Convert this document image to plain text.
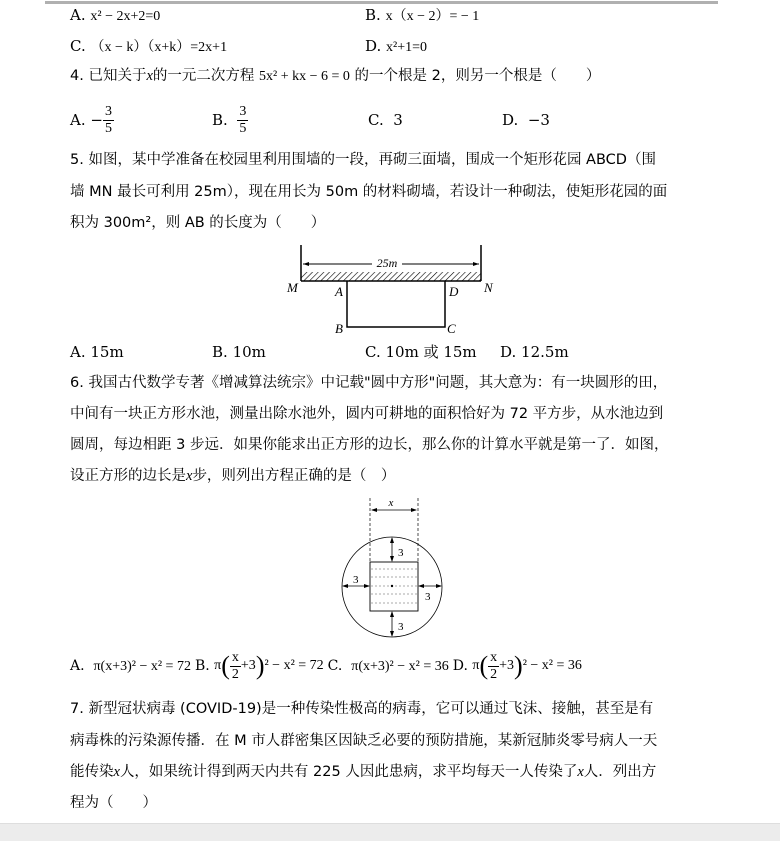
A. x² − 2x+2=0	B. x（x − 2）= − 1
C. （x − k）（x+k）=2x+1	D. x²+1=0
4. 已知关于x的一元二次方程 5x² + kx − 6 = 0 的一个根是 2，则另一个根是（　　）
A.
− $\frac{3}{5}$	B.
$\frac{3}{5}$	C. 3	D. −3
5. 如图，某中学准备在校园里利用围墙的一段，再砌三面墙，围成一个矩形花园 ABCD（围
墙 MN 最长可利用 25m），现在用长为 50m 的材料砌墙，若设计一种砌法，使矩形花园的面
积为 300m²，则 AB 的长度为（　　）
25m
M	N
A	D
B	C
A. 15m	B. 10m	C. 10m 或 15m D. 12.5m
6. 我国古代数学专著《增减算法统宗》中记载"圆中方形"问题，其大意为：有一块圆形的田，
中间有一块正方形水池，测量出除水池外，圆内可耕地的面积恰好为 72 平方步，从水池边到
圆周，每边相距 3 步远．如果你能求出正方形的边长，那么你的计算水平就是第一了．如图，
设正方形的边长是x步，则列出方程正确的是（　）
x
3
3
3
3
A. π(x+3)² − x² = 72 B.
π ( $\frac{x}{2} +3$ ) ² − x² = 72 C. π(x+3)² − x² = 36 D.
π ( $\frac{x}{2} +3$ ) ² − x² = 36
7. 新型冠状病毒 (COVID-19)是一种传染性极高的病毒，它可以通过飞沫、接触，甚至是有
病毒株的污染源传播．在 M 市人群密集区因缺乏必要的预防措施，某新冠肺炎零号病人一天
能传染x人，如果统计得到两天内共有 225 人因此患病，求平均每天一人传染了x人．列出方
程为（　　）
